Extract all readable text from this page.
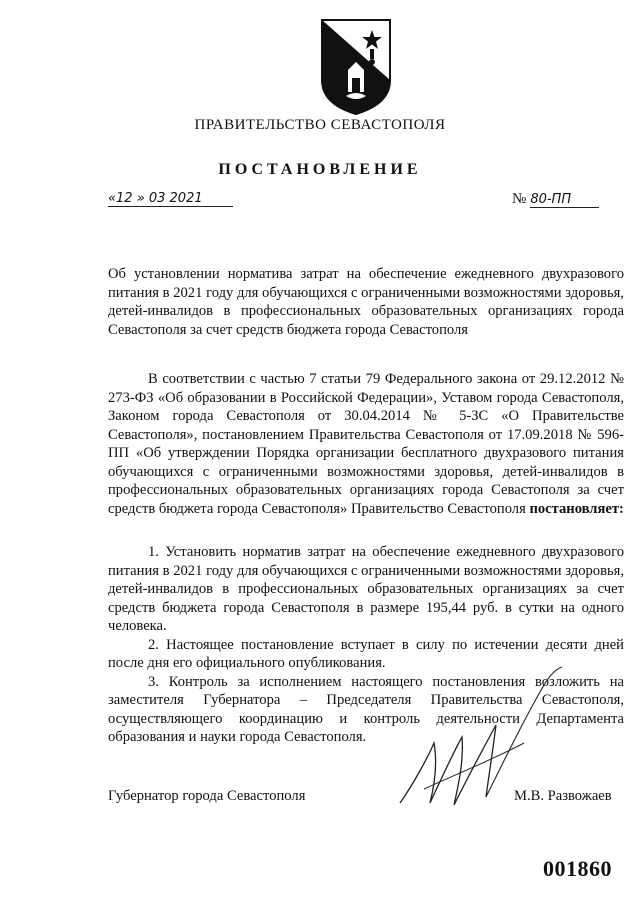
ПРАВИТЕЛЬСТВО СЕВАСТОПОЛЯ
ПОСТАНОВЛЕНИЕ
«12 » 03 2021	№ 80-ПП
Об установлении норматива затрат на обеспечение ежедневного двухразового питания в 2021 году для обучающихся с ограниченными возможностями здоровья, детей-инвалидов в профессиональных образовательных организациях города Севастополя за счет средств бюджета города Севастополя

В соответствии с частью 7 статьи 79 Федерального закона от 29.12.2012 № 273-ФЗ «Об образовании в Российской Федерации», Уставом города Севастополя, Законом города Севастополя от 30.04.2014 № 5-ЗС «О Правительстве Севастополя», постановлением Правительства Севастополя от 17.09.2018 № 596-ПП «Об утверждении Порядка организации бесплатного двухразового питания обучающихся с ограниченными возможностями здоровья, детей-инвалидов в профессиональных образовательных организациях города Севастополя за счет средств бюджета города Севастополя» Правительство Севастополя постановляет:

1. Установить норматив затрат на обеспечение ежедневного двухразового питания в 2021 году для обучающихся с ограниченными возможностями здоровья, детей-инвалидов в профессиональных образовательных организациях за счет средств бюджета города Севастополя в размере 195,44 руб. в сутки на одного человека.

2. Настоящее постановление вступает в силу по истечении десяти дней после дня его официального опубликования.

3. Контроль за исполнением настоящего постановления возложить на заместителя Губернатора – Председателя Правительства Севастополя, осуществляющего координацию и контроль деятельности Департамента образования и науки города Севастополя.

Губернатор города Севастополя	М.В. Развожаев
001860
